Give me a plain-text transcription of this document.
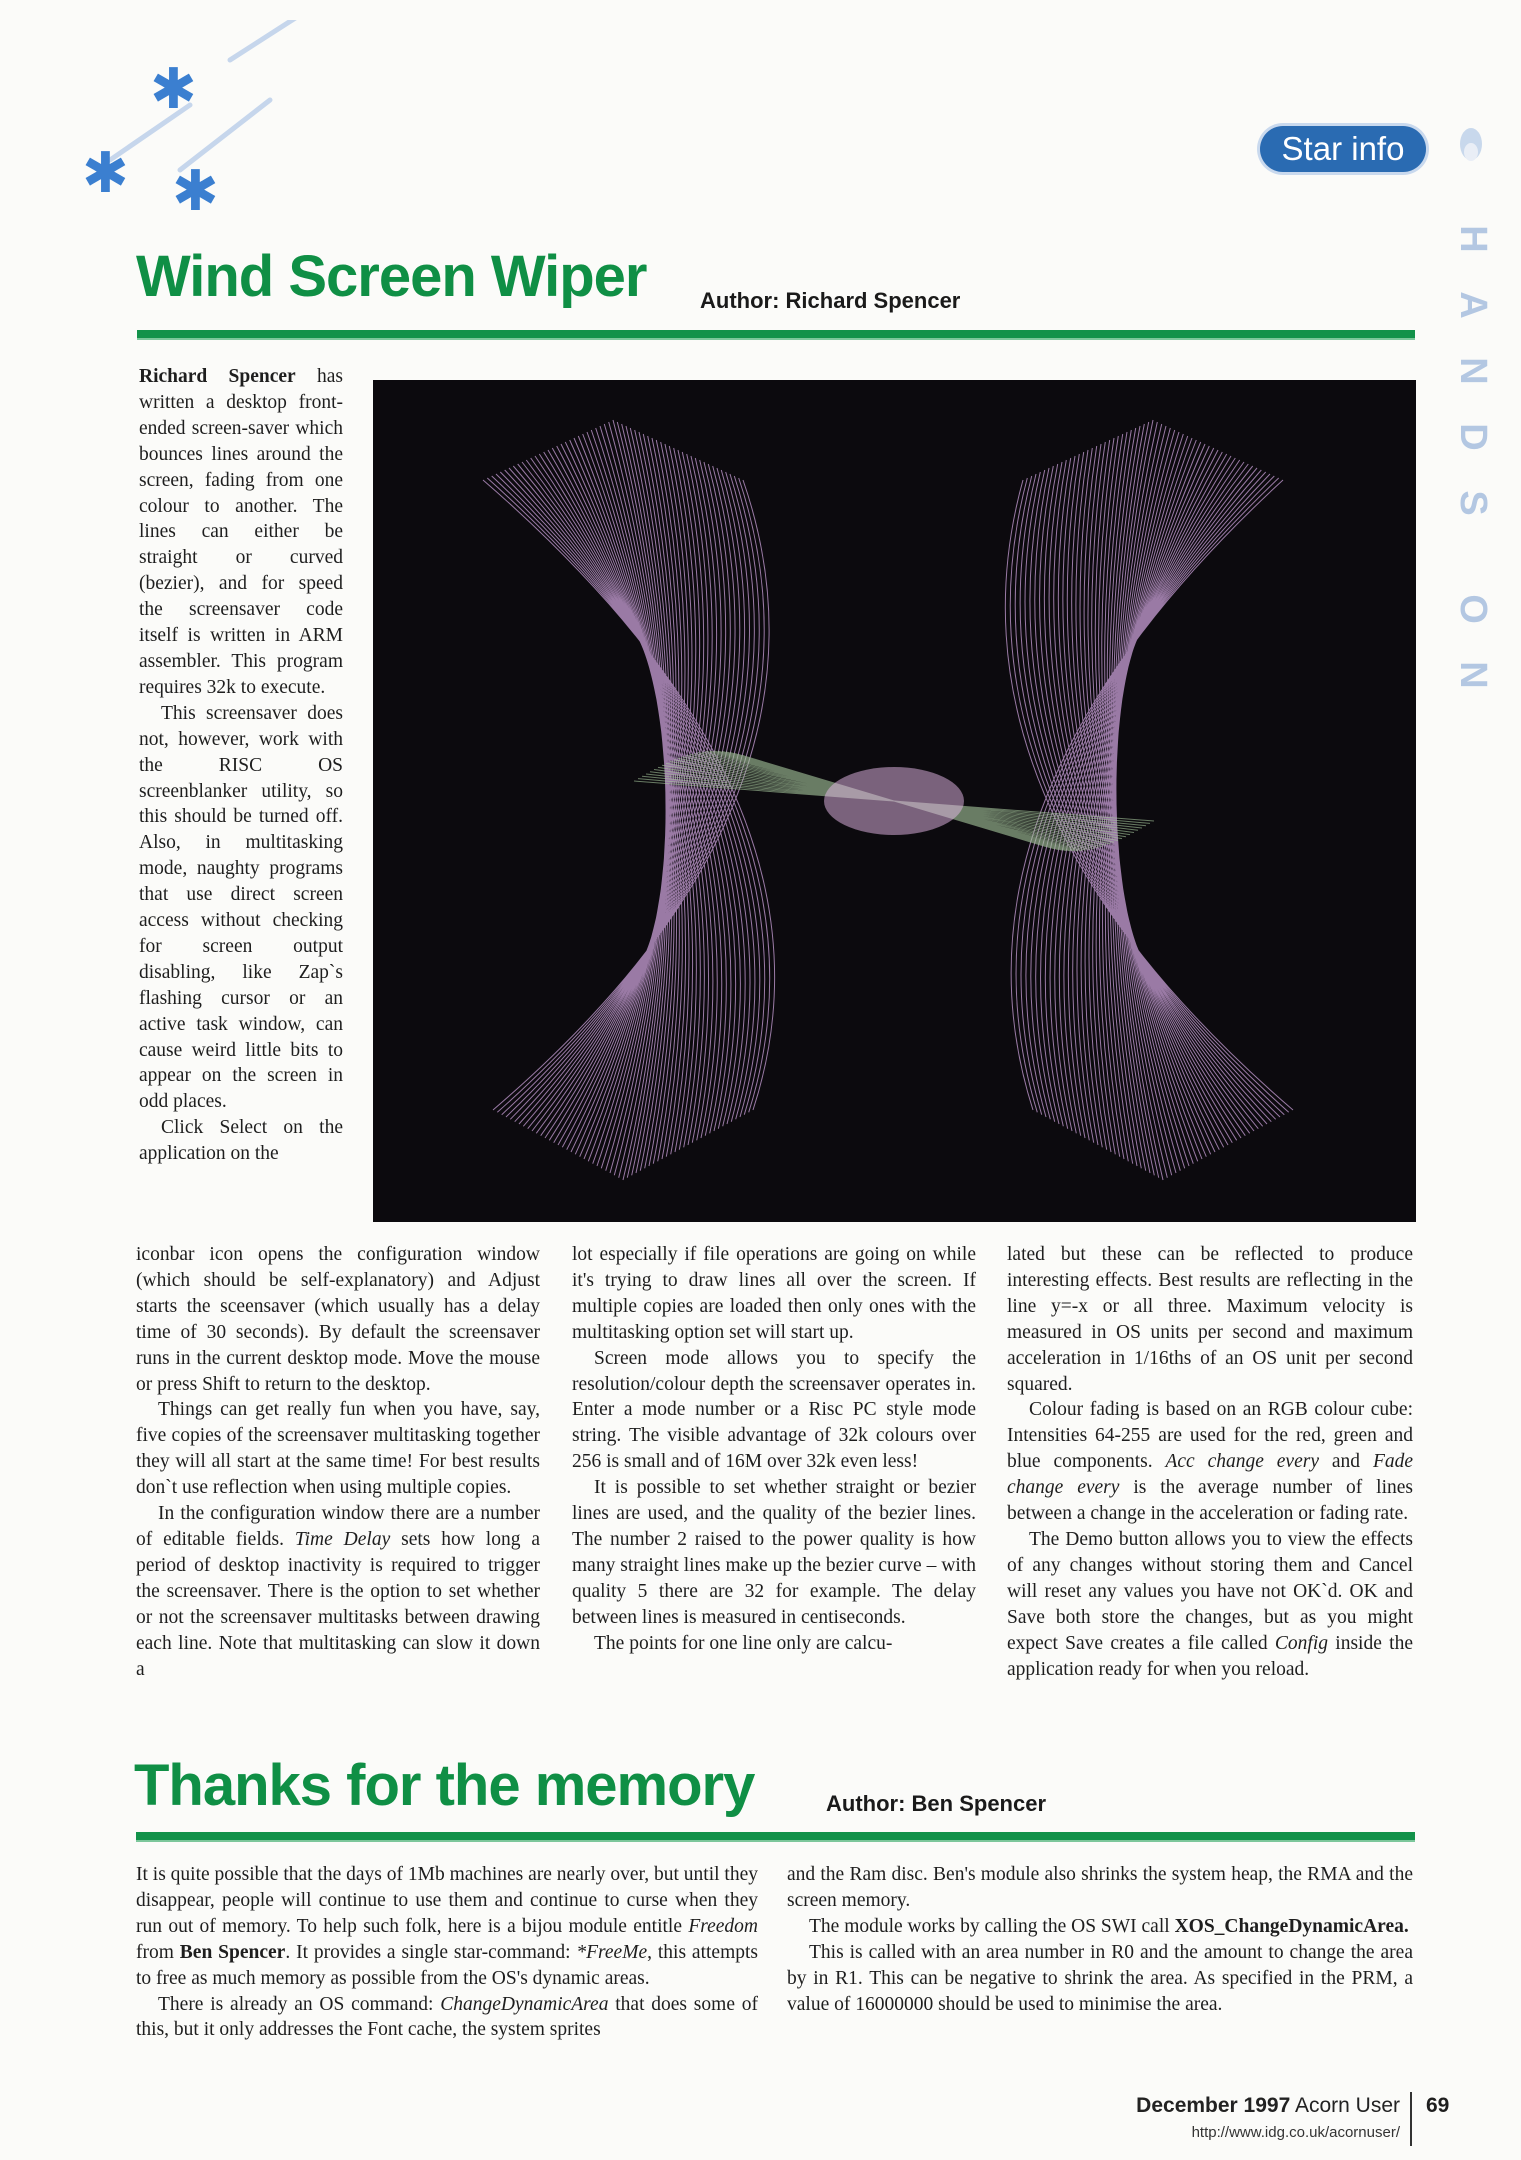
✱
✱ ✱
Star info
H
A
N
D
S
O
N
Wind Screen Wiper Author: Richard Spencer

Richard Spencer has written a desktop front-ended screen-saver which bounces lines around the screen, fading from one colour to another. The lines can either be straight or curved (bezier), and for speed the screensaver code itself is written in ARM assembler. This program requires 32k to execute.

This screensaver does not, however, work with the RISC OS screenblanker utility, so this should be turned off. Also, in multitasking mode, naughty programs that use direct screen access without checking for screen output disabling, like Zap`s flashing cursor or an active task window, can cause weird little bits to appear on the screen in odd places.

Click Select on the application on the

iconbar icon opens the configuration window (which should be self-explanatory) and Adjust starts the sceensaver (which usually has a delay time of 30 seconds). By default the screensaver runs in the current desktop mode. Move the mouse or press Shift to return to the desktop.

Things can get really fun when you have, say, five copies of the screensaver multitasking together they will all start at the same time! For best results don`t use reflection when using multiple copies.

In the configuration window there are a number of editable fields. Time Delay sets how long a period of desktop inactivity is required to trigger the screensaver. There is the option to set whether or not the screensaver multitasks between drawing each line. Note that multitasking can slow it down a

lot especially if file operations are going on while it's trying to draw lines all over the screen. If multiple copies are loaded then only ones with the multitasking option set will start up.

Screen mode allows you to specify the resolution/colour depth the screensaver operates in. Enter a mode number or a Risc PC style mode string. The visible advantage of 32k colours over 256 is small and of 16M over 32k even less!

It is possible to set whether straight or bezier lines are used, and the quality of the bezier lines. The number 2 raised to the power quality is how many straight lines make up the bezier curve – with quality 5 there are 32 for example. The delay between lines is measured in centiseconds.

The points for one line only are calcu-

lated but these can be reflected to produce interesting effects. Best results are reflecting in the line y=-x or all three. Maximum velocity is measured in OS units per second and maximum acceleration in 1/16ths of an OS unit per second squared.

Colour fading is based on an RGB colour cube: Intensities 64-255 are used for the red, green and blue components. Acc change every and Fade change every is the average number of lines between a change in the acceleration or fading rate.

The Demo button allows you to view the effects of any changes without storing them and Cancel will reset any values you have not OK`d. OK and Save both store the changes, but as you might expect Save creates a file called Config inside the application ready for when you reload.

Thanks for the memory	Author: Ben Spencer

It is quite possible that the days of 1Mb machines are nearly over, but until they disappear, people will continue to use them and continue to curse when they run out of memory. To help such folk, here is a bijou module entitle Freedom from Ben Spencer. It provides a single star-command: *FreeMe, this attempts to free as much memory as possible from the OS's dynamic areas.

There is already an OS command: ChangeDynamicArea that does some of this, but it only addresses the Font cache, the system sprites

and the Ram disc. Ben's module also shrinks the system heap, the RMA and the screen memory.

The module works by calling the OS SWI call XOS_ChangeDynamicArea.

This is called with an area number in R0 and the amount to change the area by in R1. This can be negative to shrink the area. As specified in the PRM, a value of 16000000 should be used to minimise the area.

December 1997 Acorn User 69
http://www.idg.co.uk/acornuser/
